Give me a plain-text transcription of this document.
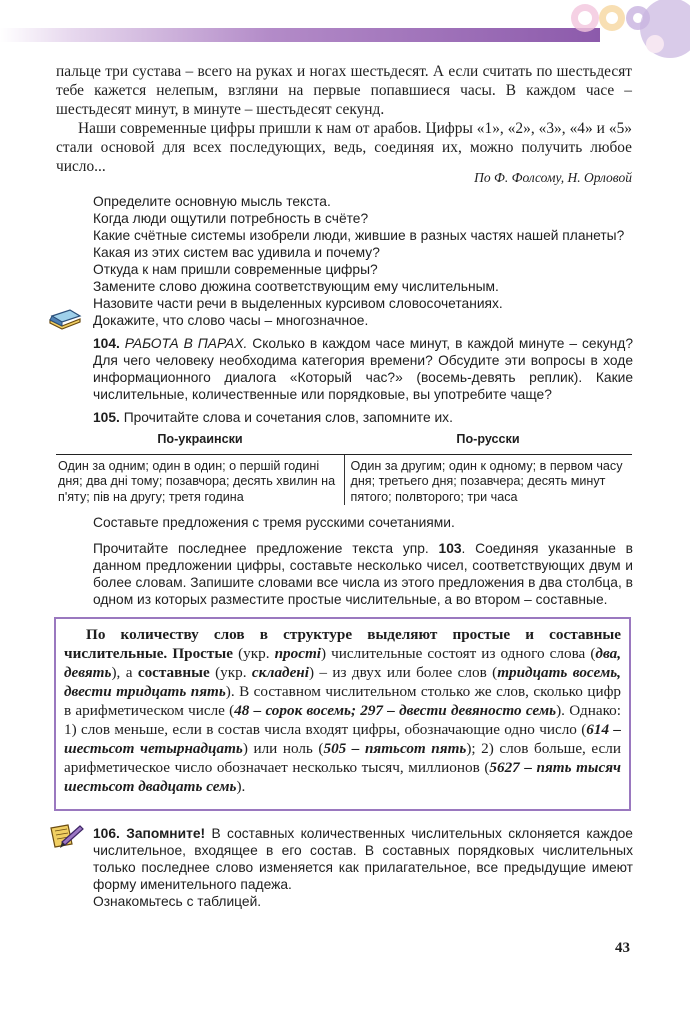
пальце три сустава – всего на руках и ногах шестьдесят. А если считать по шестьдесят тебе кажется нелепым, взгляни на первые попавшиеся часы. В каждом часе – шестьдесят минут, в минуте – шестьдесят секунд.

Наши современные цифры пришли к нам от арабов. Цифры «1», «2», «3», «4» и «5» стали основой для всех последующих, ведь, соединяя их, можно получить любое число...

По Ф. Фолсому, Н. Орловой

Определите основную мысль текста.

Когда люди ощутили потребность в счёте?

Какие счётные системы изобрели люди, жившие в разных частях нашей планеты? Какая из этих систем вас удивила и почему?

Откуда к нам пришли современные цифры?

Замените слово дюжина соответствующим ему числительным.

Назовите части речи в выделенных курсивом словосочетаниях.

Докажите, что слово часы – многозначное.

104. РАБОТА В ПАРАХ. Сколько в каждом часе минут, в каждой минуте – секунд? Для чего человеку необходима категория времени? Обсудите эти вопросы в ходе информационного диалога «Который час?» (восемь-девять реплик). Какие числительные, количественные или порядковые, вы употребите чаще?

105. Прочитайте слова и сочетания слов, запомните их.

По-украински	По-русски
Один за одним; один в один; о першій годині дня; два дні тому; позавчора; десять хвилин на п'яту; пів на другу; третя година	Один за другим; один к одному; в первом часу дня; третьего дня; позавчера; десять минут пятого; полвторого; три часа

Составьте предложения с тремя русскими сочетаниями.

Прочитайте последнее предложение текста упр. 103. Соединяя указанные в данном предложении цифры, составьте несколько чисел, соответствующих двум и более словам. Запишите словами все числа из этого предложения в два столбца, в одном из которых разместите простые числительные, а во втором – составные.

По количеству слов в структуре выделяют простые и составные числительные. Простые (укр. прості) числительные состоят из одного слова (два, девять), а составные (укр. складені) – из двух или более слов (тридцать восемь, двести тридцать пять). В составном числительном столько же слов, сколько цифр в арифметическом числе (48 – сорок восемь; 297 – двести девяносто семь). Однако: 1) слов меньше, если в состав числа входят цифры, обозначающие одно число (614 – шестьсот четырнадцать) или ноль (505 – пятьсот пять); 2) слов больше, если арифметическое число обозначает несколько тысяч, миллионов (5627 – пять тысяч шестьсот двадцать семь).

106. Запомните! В составных количественных числительных склоняется каждое числительное, входящее в его состав. В составных порядковых числительных только последнее слово изменяется как прилагательное, все предыдущие имеют форму именительного падежа.

Ознакомьтесь с таблицей.

43
